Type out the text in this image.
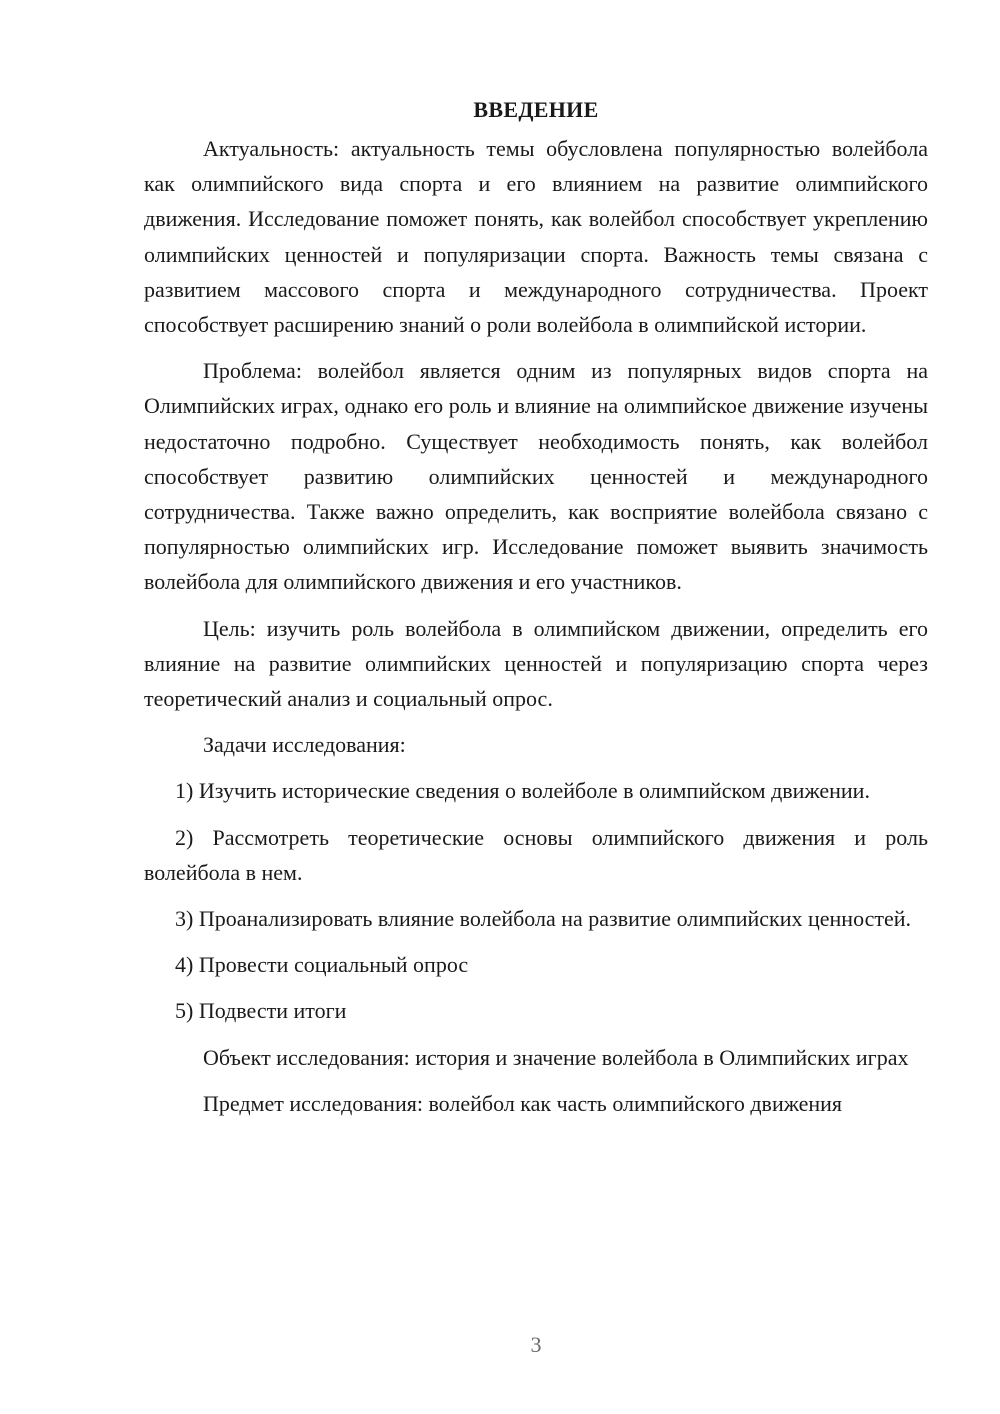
ВВЕДЕНИЕ

Актуальность: актуальность темы обусловлена популярностью волейбола как олимпийского вида спорта и его влиянием на развитие олимпийского движения. Исследование поможет понять, как волейбол способствует укреплению олимпийских ценностей и популяризации спорта. Важность темы связана с развитием массового спорта и международного сотрудничества. Проект способствует расширению знаний о роли волейбола в олимпийской истории.

Проблема: волейбол является одним из популярных видов спорта на Олимпийских играх, однако его роль и влияние на олимпийское движение изучены недостаточно подробно. Существует необходимость понять, как волейбол способствует развитию олимпийских ценностей и международного сотрудничества. Также важно определить, как восприятие волейбола связано с популярностью олимпийских игр. Исследование поможет выявить значимость волейбола для олимпийского движения и его участников.

Цель: изучить роль волейбола в олимпийском движении, определить его влияние на развитие олимпийских ценностей и популяризацию спорта через теоретический анализ и социальный опрос.

Задачи исследования:

1) Изучить исторические сведения о волейболе в олимпийском движении.

2) Рассмотреть теоретические основы олимпийского движения и роль волейбола в нем.

3) Проанализировать влияние волейбола на развитие олимпийских ценностей.

4) Провести социальный опрос

5) Подвести итоги

Объект исследования: история и значение волейбола в Олимпийских играх

Предмет исследования: волейбол как часть олимпийского движения

3
